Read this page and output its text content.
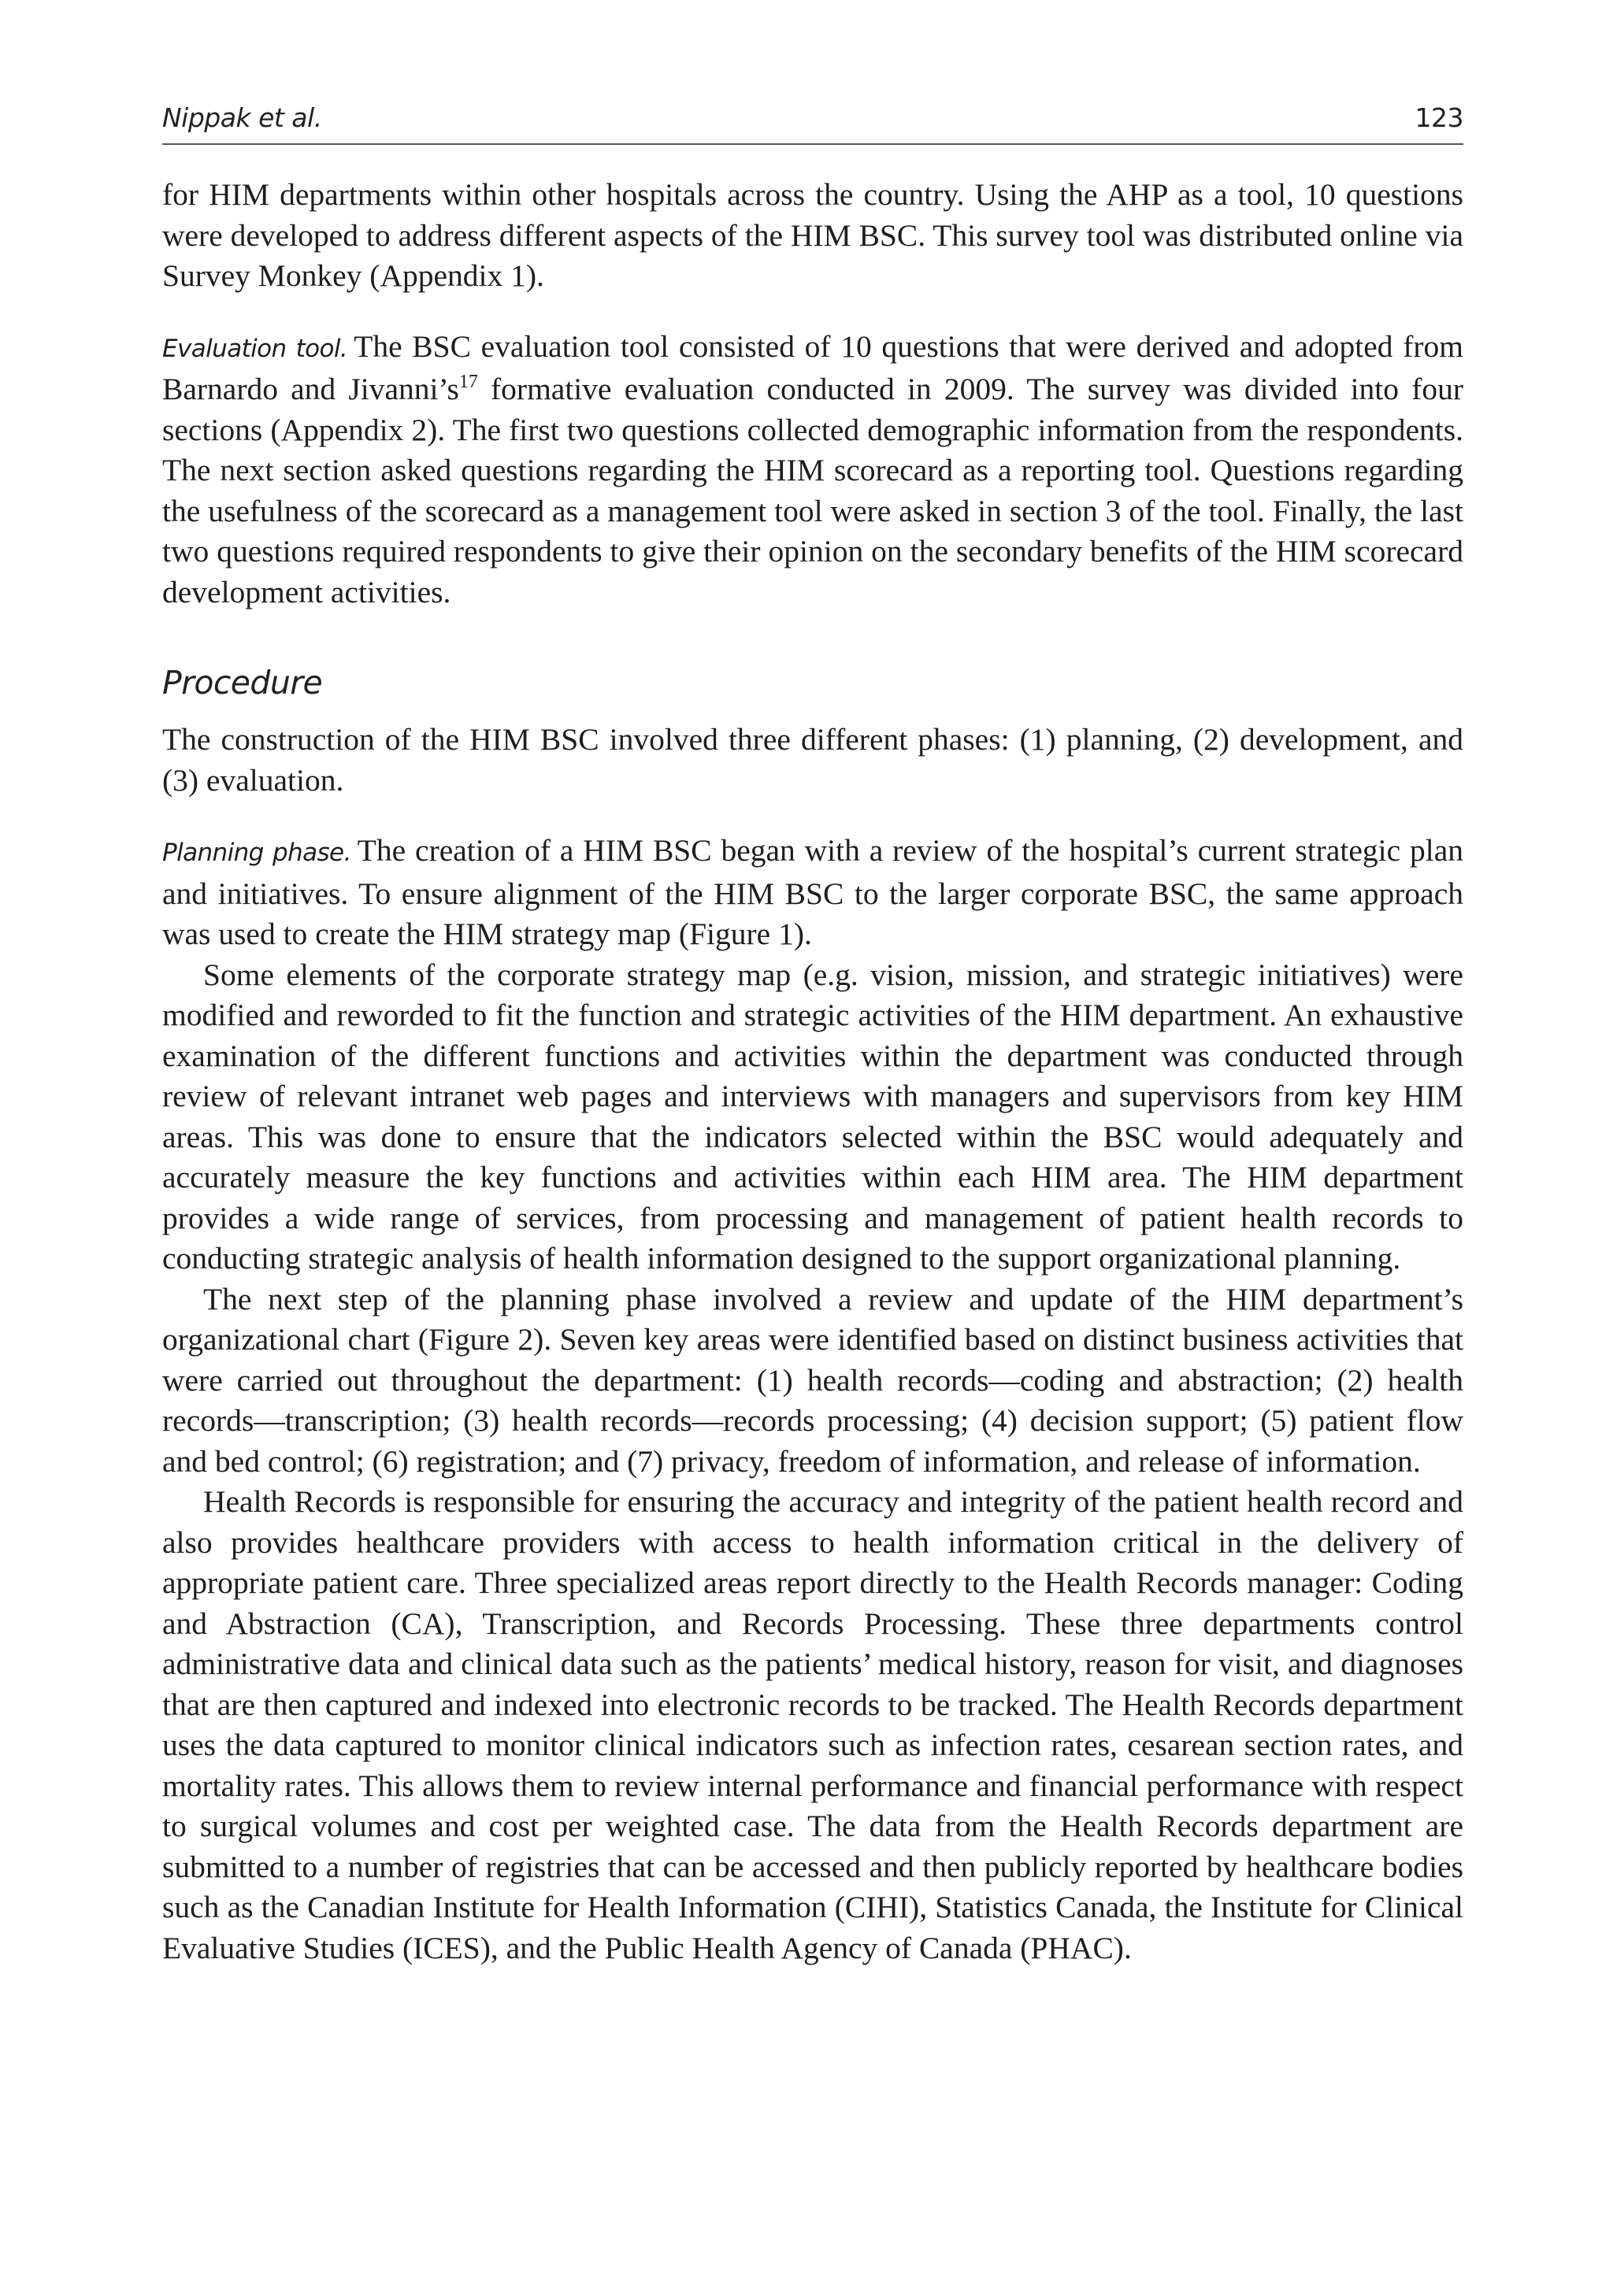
Nippak et al.	123

for HIM departments within other hospitals across the country. Using the AHP as a tool, 10 questions were developed to address different aspects of the HIM BSC. This survey tool was distributed online via Survey Monkey (Appendix 1).

Evaluation tool. The BSC evaluation tool consisted of 10 questions that were derived and adopted from Barnardo and $Jivanni’s^{17}$ formative evaluation conducted in 2009. The survey was divided into four sections (Appendix 2). The first two questions collected demographic information from the respondents. The next section asked questions regarding the HIM scorecard as a reporting tool. Questions regarding the usefulness of the scorecard as a management tool were asked in section 3 of the tool. Finally, the last two questions required respondents to give their opinion on the secondary benefits of the HIM scorecard development activities.

Procedure

The construction of the HIM BSC involved three different phases: (1) planning, (2) development, and (3) evaluation.

Planning phase. The creation of a HIM BSC began with a review of the hospital’s current strategic plan and initiatives. To ensure alignment of the HIM BSC to the larger corporate BSC, the same approach was used to create the HIM strategy map (Figure 1).

Some elements of the corporate strategy map (e.g. vision, mission, and strategic initiatives) were modified and reworded to fit the function and strategic activities of the HIM department. An exhaustive examination of the different functions and activities within the department was conducted through review of relevant intranet web pages and interviews with managers and supervisors from key HIM areas. This was done to ensure that the indicators selected within the BSC would adequately and accurately measure the key functions and activities within each HIM area. The HIM department provides a wide range of services, from processing and management of patient health records to conducting strategic analysis of health information designed to the support organizational planning.

The next step of the planning phase involved a review and update of the HIM department’s organizational chart (Figure 2). Seven key areas were identified based on distinct business activities that were carried out throughout the department: (1) health records—coding and abstraction; (2) health records—transcription; (3) health records—records processing; (4) decision support; (5) patient flow and bed control; (6) registration; and (7) privacy, freedom of information, and release of information.

Health Records is responsible for ensuring the accuracy and integrity of the patient health record and also provides healthcare providers with access to health information critical in the delivery of appropriate patient care. Three specialized areas report directly to the Health Records manager: Coding and Abstraction (CA), Transcription, and Records Processing. These three departments control administrative data and clinical data such as the patients’ medical history, reason for visit, and diagnoses that are then captured and indexed into electronic records to be tracked. The Health Records department uses the data captured to monitor clinical indicators such as infection rates, cesarean section rates, and mortality rates. This allows them to review internal performance and financial performance with respect to surgical volumes and cost per weighted case. The data from the Health Records department are submitted to a number of registries that can be accessed and then publicly reported by healthcare bodies such as the Canadian Institute for Health Information (CIHI), Statistics Canada, the Institute for Clinical Evaluative Studies (ICES), and the Public Health Agency of Canada (PHAC).
